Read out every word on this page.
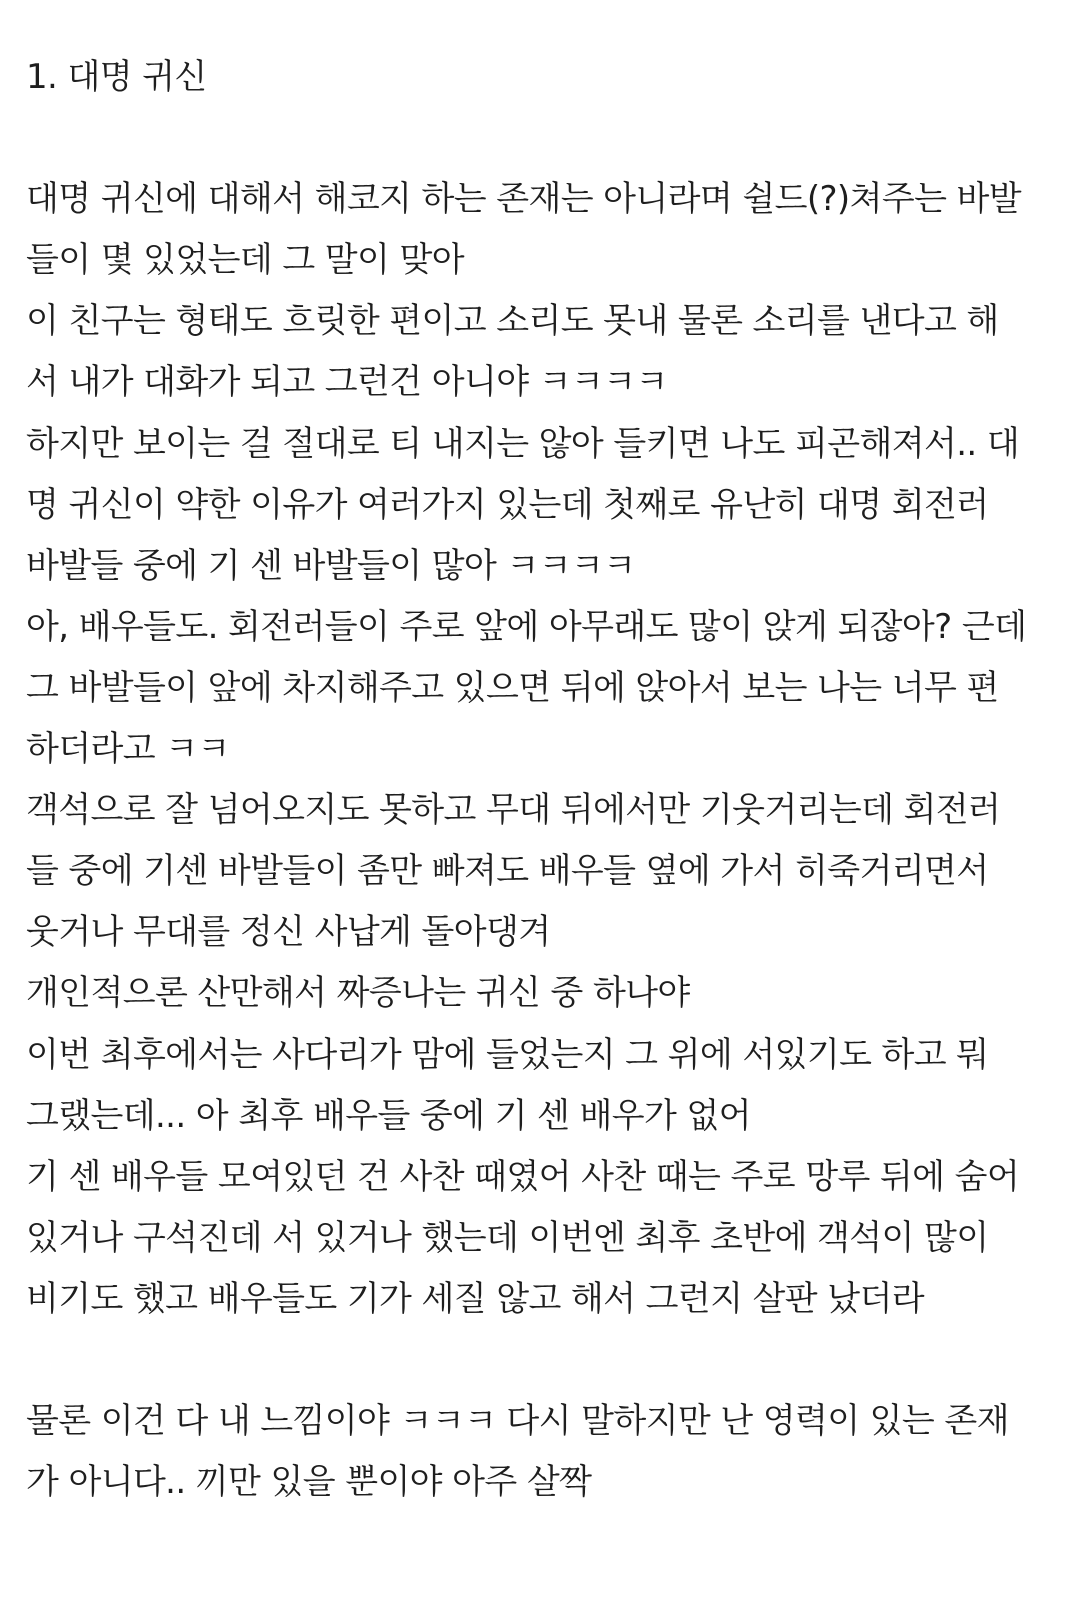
1. 대명 귀신
대명 귀신에 대해서 해코지 하는 존재는 아니라며 쉴드(?)쳐주는 바발
들이 몇 있었는데 그 말이 맞아
이 친구는 형태도 흐릿한 편이고 소리도 못내 물론 소리를 낸다고 해
서 내가 대화가 되고 그런건 아니야 ㅋㅋㅋㅋ
하지만 보이는 걸 절대로 티 내지는 않아 들키면 나도 피곤해져서.. 대
명 귀신이 약한 이유가 여러가지 있는데 첫째로 유난히 대명 회전러
바발들 중에 기 센 바발들이 많아 ㅋㅋㅋㅋ
아, 배우들도. 회전러들이 주로 앞에 아무래도 많이 앉게 되잖아? 근데
그 바발들이 앞에 차지해주고 있으면 뒤에 앉아서 보는 나는 너무 편
하더라고 ㅋㅋ
객석으로 잘 넘어오지도 못하고 무대 뒤에서만 기웃거리는데 회전러
들 중에 기센 바발들이 좀만 빠져도 배우들 옆에 가서 히죽거리면서
웃거나 무대를 정신 사납게 돌아댕겨
개인적으론 산만해서 짜증나는 귀신 중 하나야
이번 최후에서는 사다리가 맘에 들었는지 그 위에 서있기도 하고 뭐
그랬는데... 아 최후 배우들 중에 기 센 배우가 없어
기 센 배우들 모여있던 건 사찬 때였어 사찬 때는 주로 망루 뒤에 숨어
있거나 구석진데 서 있거나 했는데 이번엔 최후 초반에 객석이 많이
비기도 했고 배우들도 기가 세질 않고 해서 그런지 살판 났더라
물론 이건 다 내 느낌이야 ㅋㅋㅋ 다시 말하지만 난 영력이 있는 존재
가 아니다.. 끼만 있을 뿐이야 아주 살짝
